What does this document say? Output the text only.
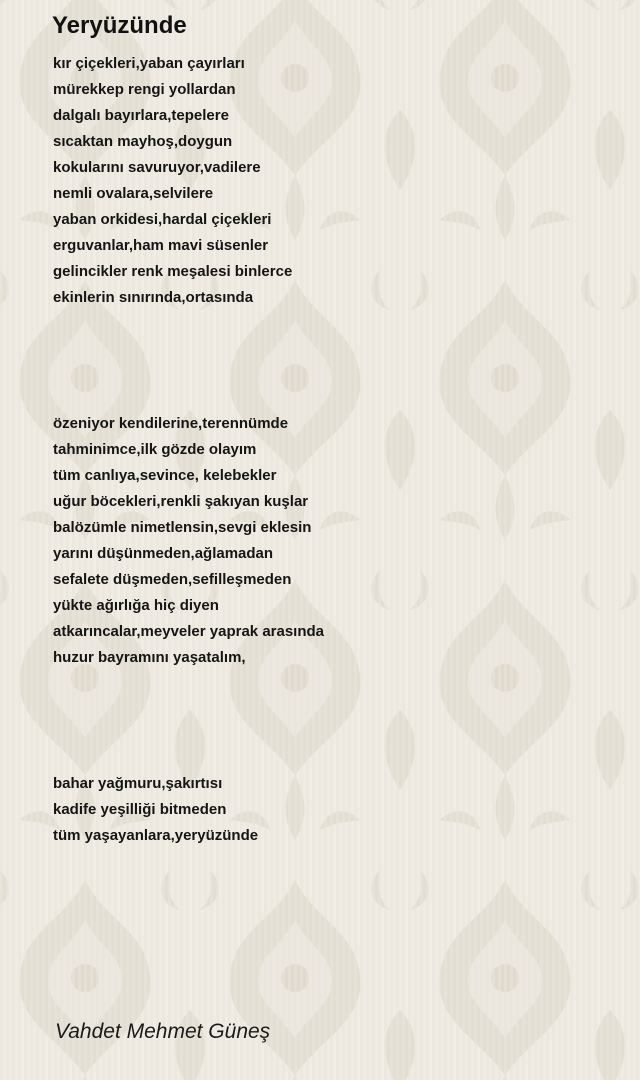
Yeryüzünde
kır çiçekleri,yaban çayırları
mürekkep rengi yollardan
dalgalı bayırlara,tepelere
sıcaktan mayhoş,doygun
kokularını savuruyor,vadilere
nemli ovalara,selvilere
yaban orkidesi,hardal çiçekleri
erguvanlar,ham mavi süsenler
gelincikler renk meşalesi binlerce
ekinlerin sınırında,ortasında
özeniyor kendilerine,terennümde
tahminimce,ilk gözde olayım
tüm canlıya,sevince, kelebekler
uğur böcekleri,renkli şakıyan kuşlar
balözümle nimetlensin,sevgi eklesin
yarını düşünmeden,ağlamadan
sefalete düşmeden,sefilleşmeden
yükte ağırlığa hiç diyen
atkarıncalar,meyveler yaprak arasında
huzur bayramını yaşatalım,
bahar yağmuru,şakırtısı
kadife yeşilliği bitmeden
tüm yaşayanlara,yeryüzünde

Vahdet Mehmet Güneş
